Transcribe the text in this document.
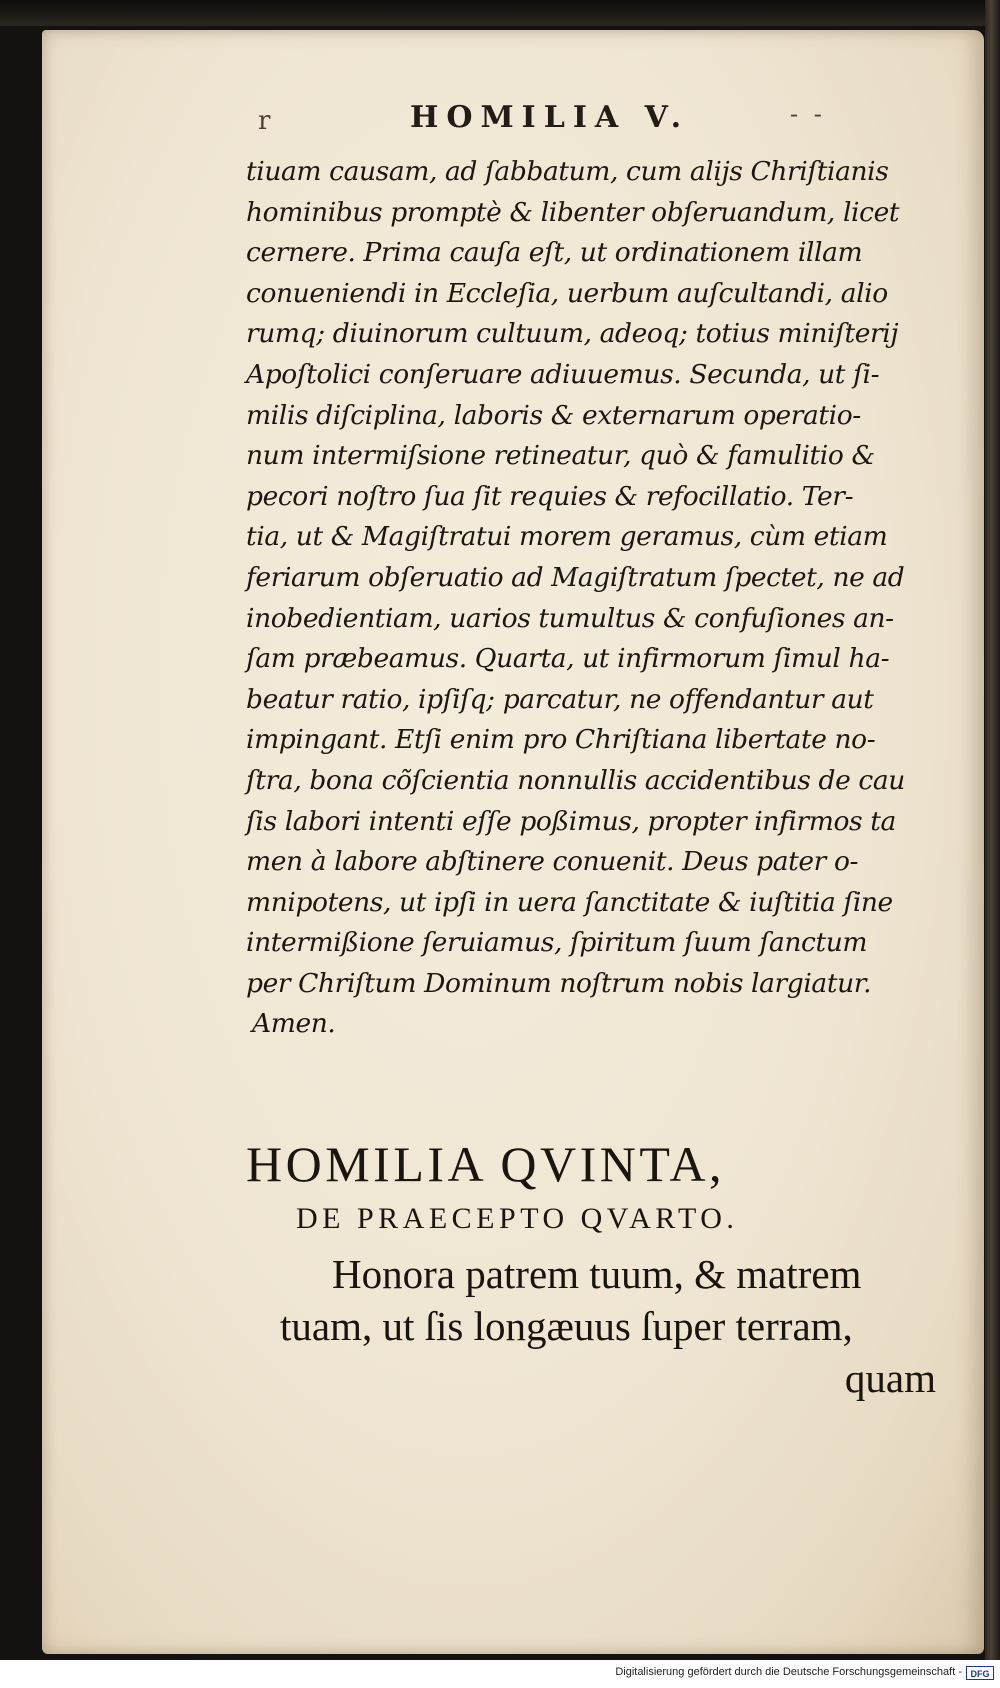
r	HOMILIA V.	- -
tiuam causam, ad ſabbatum, cum alijs Chriſtianis
hominibus promptè & libenter obſeruandum, licet
cernere. Prima cauſa eſt, ut ordinationem illam
conueniendi in Eccleſia, uerbum auſcultandi, alio
rumq; diuinorum cultuum, adeoq; totius miniſterij
Apoſtolici conſeruare adiuuemus. Secunda, ut ſi-
milis diſciplina, laboris & externarum operatio-
num intermiſsione retineatur, quò & famulitio &
pecori noſtro ſua ſit requies & refocillatio. Ter-
tia, ut & Magiſtratui morem geramus, cùm etiam
feriarum obſeruatio ad Magiſtratum ſpectet, ne ad
inobedientiam, uarios tumultus & confuſiones an-
ſam præbeamus. Quarta, ut infirmorum ſimul ha-
beatur ratio, ipſiſq; parcatur, ne offendantur aut
impingant. Etſi enim pro Chriſtiana libertate no-
ſtra, bona cõſcientia nonnullis accidentibus de cau
ſis labori intenti eſſe poßimus, propter infirmos ta
men à labore abſtinere conuenit. Deus pater o-
mnipotens, ut ipſi in uera ſanctitate & iuſtitia ſine
intermißione ſeruiamus, ſpiritum ſuum ſanctum
per Chriſtum Dominum noſtrum nobis largiatur.
Amen.
HOMILIA QVINTA,
DE PRAECEPTO QVARTO.
Honora patrem tuum, & matrem
tuam, ut ſis longæuus ſuper terram,
quam
Digitalisierung gefördert durch die Deutsche Forschungsgemeinschaft - DFG
